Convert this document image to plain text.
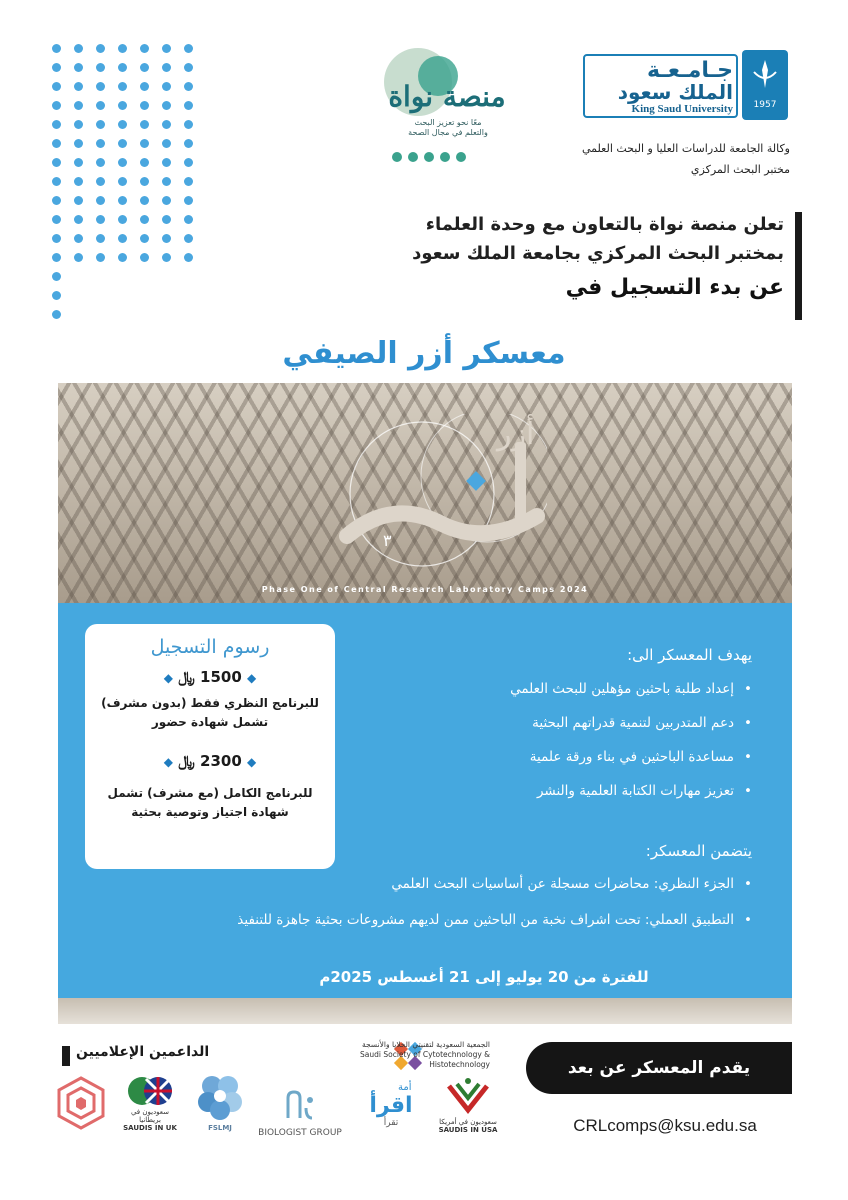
جـامـعـة
الملك سعود
King Saud University	1957
وكالة الجامعة للدراسات العليا و البحث العلمي
مختبر البحث المركزي
منصة نواة
معًا نحو تعزيز البحث
والتعلم في مجال الصحة
تعلن منصة نواة بالتعاون مع وحدة العلماء
بمختبر البحث المركزي بجامعة الملك سعود
عن بدء التسجيل في
معسكر أزر الصيفي
أزر
٣
Phase One of Central Research Laboratory Camps 2024
رسوم التسجيل
◆ 1500 ﷼ ◆
للبرنامج النظري فقط (بدون مشرف)
تشمل شهادة حضور
◆ 2300 ﷼ ◆
للبرنامج الكامل (مع مشرف) تشمل
شهادة اجتياز وتوصية بحثية
يهدف المعسكر الى:
• إعداد طلبة باحثين مؤهلين للبحث العلمي
• دعم المتدربين لتنمية قدراتهم البحثية
• مساعدة الباحثين في بناء ورقة علمية
• تعزيز مهارات الكتابة العلمية والنشر
يتضمن المعسكر:
• الجزء النظري: محاضرات مسجلة عن أساسيات البحث العلمي
• التطبيق العملي: تحت اشراف نخبة من الباحثين ممن لديهم مشروعات بحثية جاهزة للتنفيذ
للفترة من 20 يوليو إلى 21 أغسطس 2025م
الداعمين الإعلاميين	الجمعية السعودية لتقنيتي الخلايا والأنسجة
Saudi Society of Cytotechnology & Histotechnology	يقدم المعسكر عن بعد
CRLcomps@ksu.edu.sa
سعوديون في بريطانيا
SAUDIS IN UK	FSLMJ	BIOLOGIST GROUP
أمة
اقرأ
تقرأ	سعوديون في أمريكا
SAUDIS IN USA
